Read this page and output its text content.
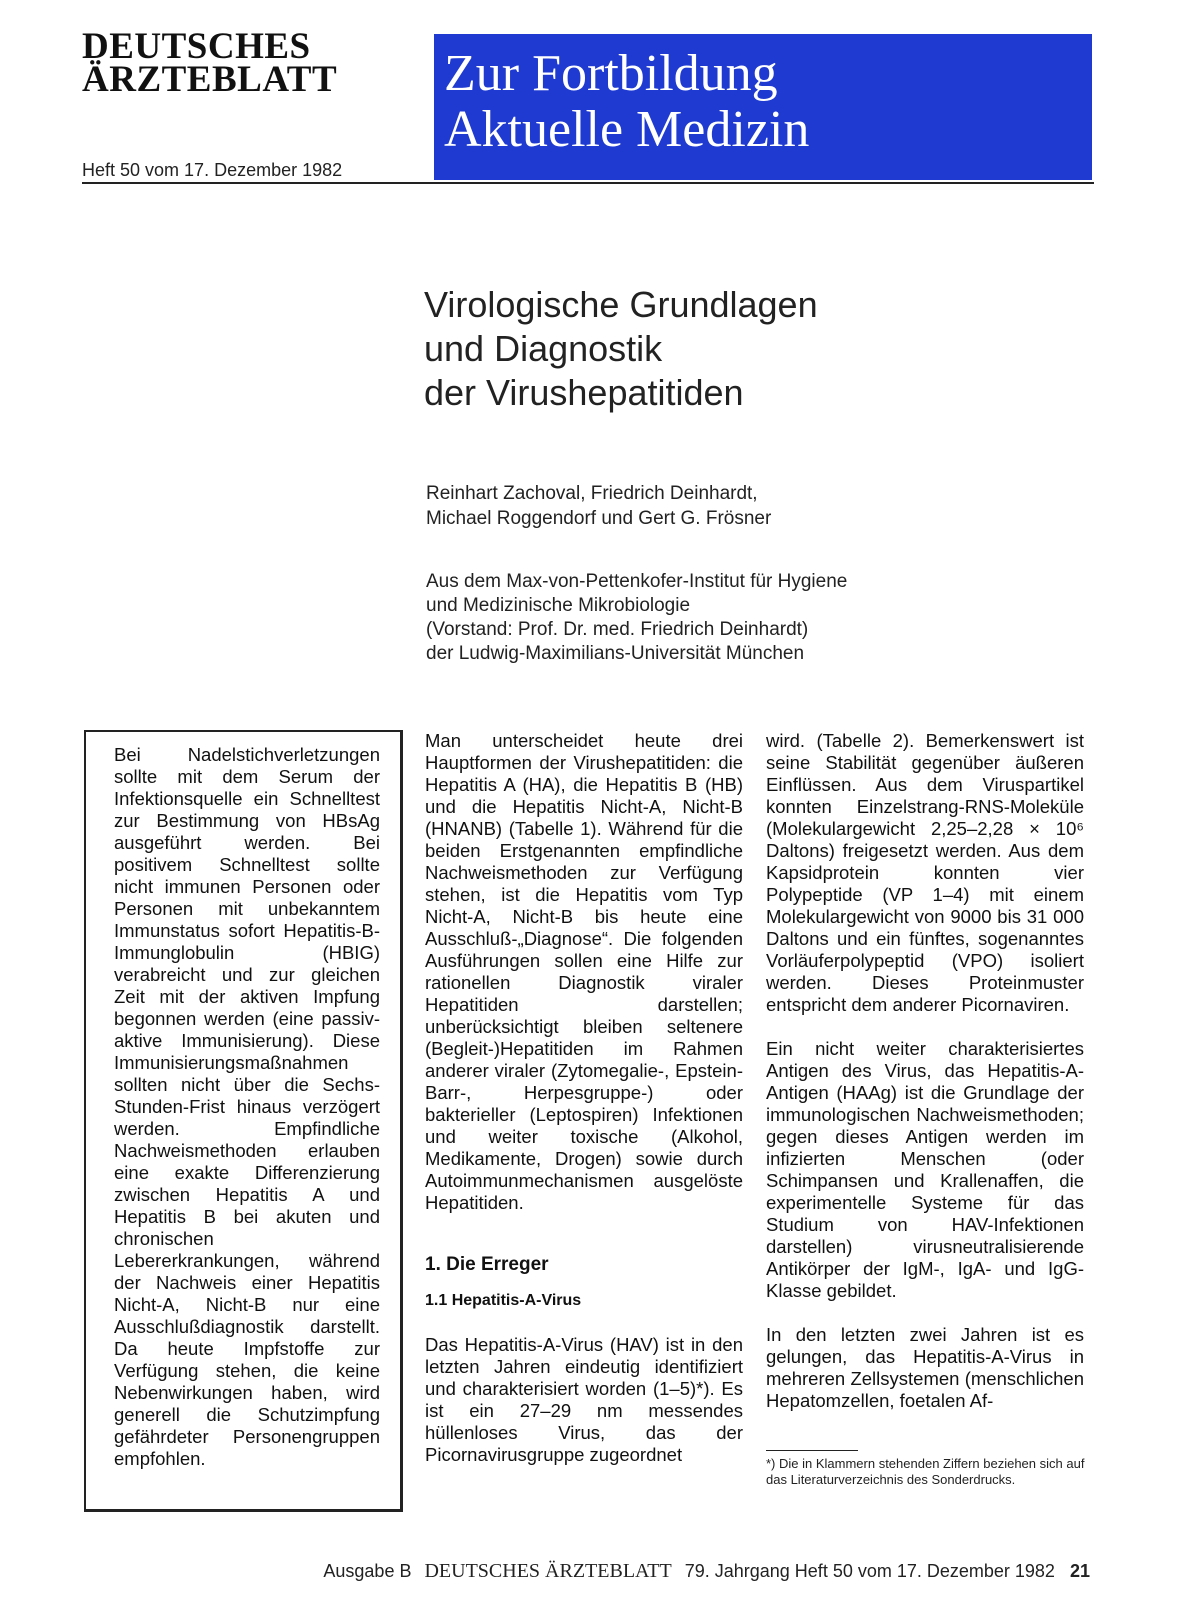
DEUTSCHES
ÄRZTEBLATT
Heft 50 vom 17. Dezember 1982
Zur Fortbildung
Aktuelle Medizin
Virologische Grundlagen
und Diagnostik
der Virushepatitiden
Reinhart Zachoval, Friedrich Deinhardt,
Michael Roggendorf und Gert G. Frösner
Aus dem Max-von-Pettenkofer-Institut für Hygiene
und Medizinische Mikrobiologie
(Vorstand: Prof. Dr. med. Friedrich Deinhardt)
der Ludwig-Maximilians-Universität München
Bei Nadelstichverletzungen sollte mit dem Serum der Infektionsquelle ein Schnelltest zur Bestimmung von HBsAg ausgeführt werden. Bei positivem Schnelltest sollte nicht immunen Personen oder Personen mit unbekanntem Immunstatus sofort Hepatitis-B-Immunglobulin (HBIG) verabreicht und zur gleichen Zeit mit der aktiven Impfung begonnen werden (eine passiv-aktive Immunisierung). Diese Immunisierungsmaßnahmen sollten nicht über die Sechs-Stunden-Frist hinaus verzögert werden. Empfindliche Nachweismethoden erlauben eine exakte Differenzierung zwischen Hepatitis A und Hepatitis B bei akuten und chronischen Lebererkrankungen, während der Nachweis einer Hepatitis Nicht-A, Nicht-B nur eine Ausschlußdiagnostik darstellt. Da heute Impfstoffe zur Verfügung stehen, die keine Nebenwirkungen haben, wird generell die Schutzimpfung gefährdeter Personengruppen empfohlen.

Man unterscheidet heute drei Hauptformen der Virushepatitiden: die Hepatitis A (HA), die Hepatitis B (HB) und die Hepatitis Nicht-A, Nicht-B (HNANB) (Tabelle 1). Während für die beiden Erstgenannten empfindliche Nachweismethoden zur Verfügung stehen, ist die Hepatitis vom Typ Nicht-A, Nicht-B bis heute eine Ausschluß-„Diagnose“. Die folgenden Ausführungen sollen eine Hilfe zur rationellen Diagnostik viraler Hepatitiden darstellen; unberücksichtigt bleiben seltenere (Begleit-)Hepatitiden im Rahmen anderer viraler (Zytomegalie-, Epstein-Barr-, Herpesgruppe-) oder bakterieller (Leptospiren) Infektionen und weiter toxische (Alkohol, Medikamente, Drogen) sowie durch Autoimmunmechanismen ausgelöste Hepatitiden.

1. Die Erreger
1.1 Hepatitis-A-Virus

Das Hepatitis-A-Virus (HAV) ist in den letzten Jahren eindeutig identifiziert und charakterisiert worden (1–5)*). Es ist ein 27–29 nm messendes hüllenloses Virus, das der Picornavirusgruppe zugeordnet

wird. (Tabelle 2). Bemerkenswert ist seine Stabilität gegenüber äußeren Einflüssen. Aus dem Viruspartikel konnten Einzelstrang-RNS-Moleküle (Molekulargewicht 2,25–2,28 × 10⁶ Daltons) freigesetzt werden. Aus dem Kapsidprotein konnten vier Polypeptide (VP 1–4) mit einem Molekulargewicht von 9000 bis 31 000 Daltons und ein fünftes, sogenanntes Vorläuferpolypeptid (VPO) isoliert werden. Dieses Proteinmuster entspricht dem anderer Picornaviren.

Ein nicht weiter charakterisiertes Antigen des Virus, das Hepatitis-A-Antigen (HAAg) ist die Grundlage der immunologischen Nachweismethoden; gegen dieses Antigen werden im infizierten Menschen (oder Schimpansen und Krallenaffen, die experimentelle Systeme für das Studium von HAV-Infektionen darstellen) virusneutralisierende Antikörper der IgM-, IgA- und IgG-Klasse gebildet.

In den letzten zwei Jahren ist es gelungen, das Hepatitis-A-Virus in mehreren Zellsystemen (menschlichen Hepatomzellen, foetalen Af-

*) Die in Klammern stehenden Ziffern beziehen sich auf das Literaturverzeichnis des Sonderdrucks.
Ausgabe B DEUTSCHES ÄRZTEBLATT 79. Jahrgang Heft 50 vom 17. Dezember 1982 21
